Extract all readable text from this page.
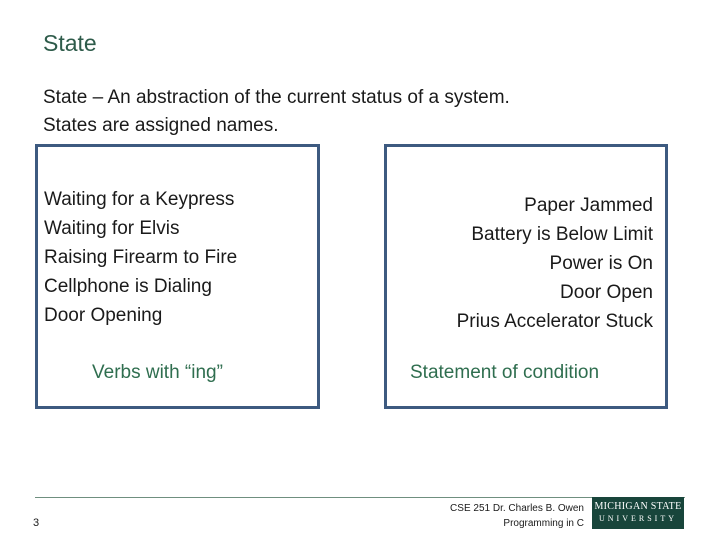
State
State – An abstraction of the current status of a system.
States are assigned names.
Waiting for a Keypress
Waiting for Elvis
Raising Firearm to Fire
Cellphone is Dialing
Door Opening
Verbs with “ing”
Paper Jammed
Battery is Below Limit
Power is On
Door Open
Prius Accelerator Stuck
Statement of condition
3
CSE 251 Dr. Charles B. Owen
Programming in C
MICHIGAN STATE
UNIVERSITY
